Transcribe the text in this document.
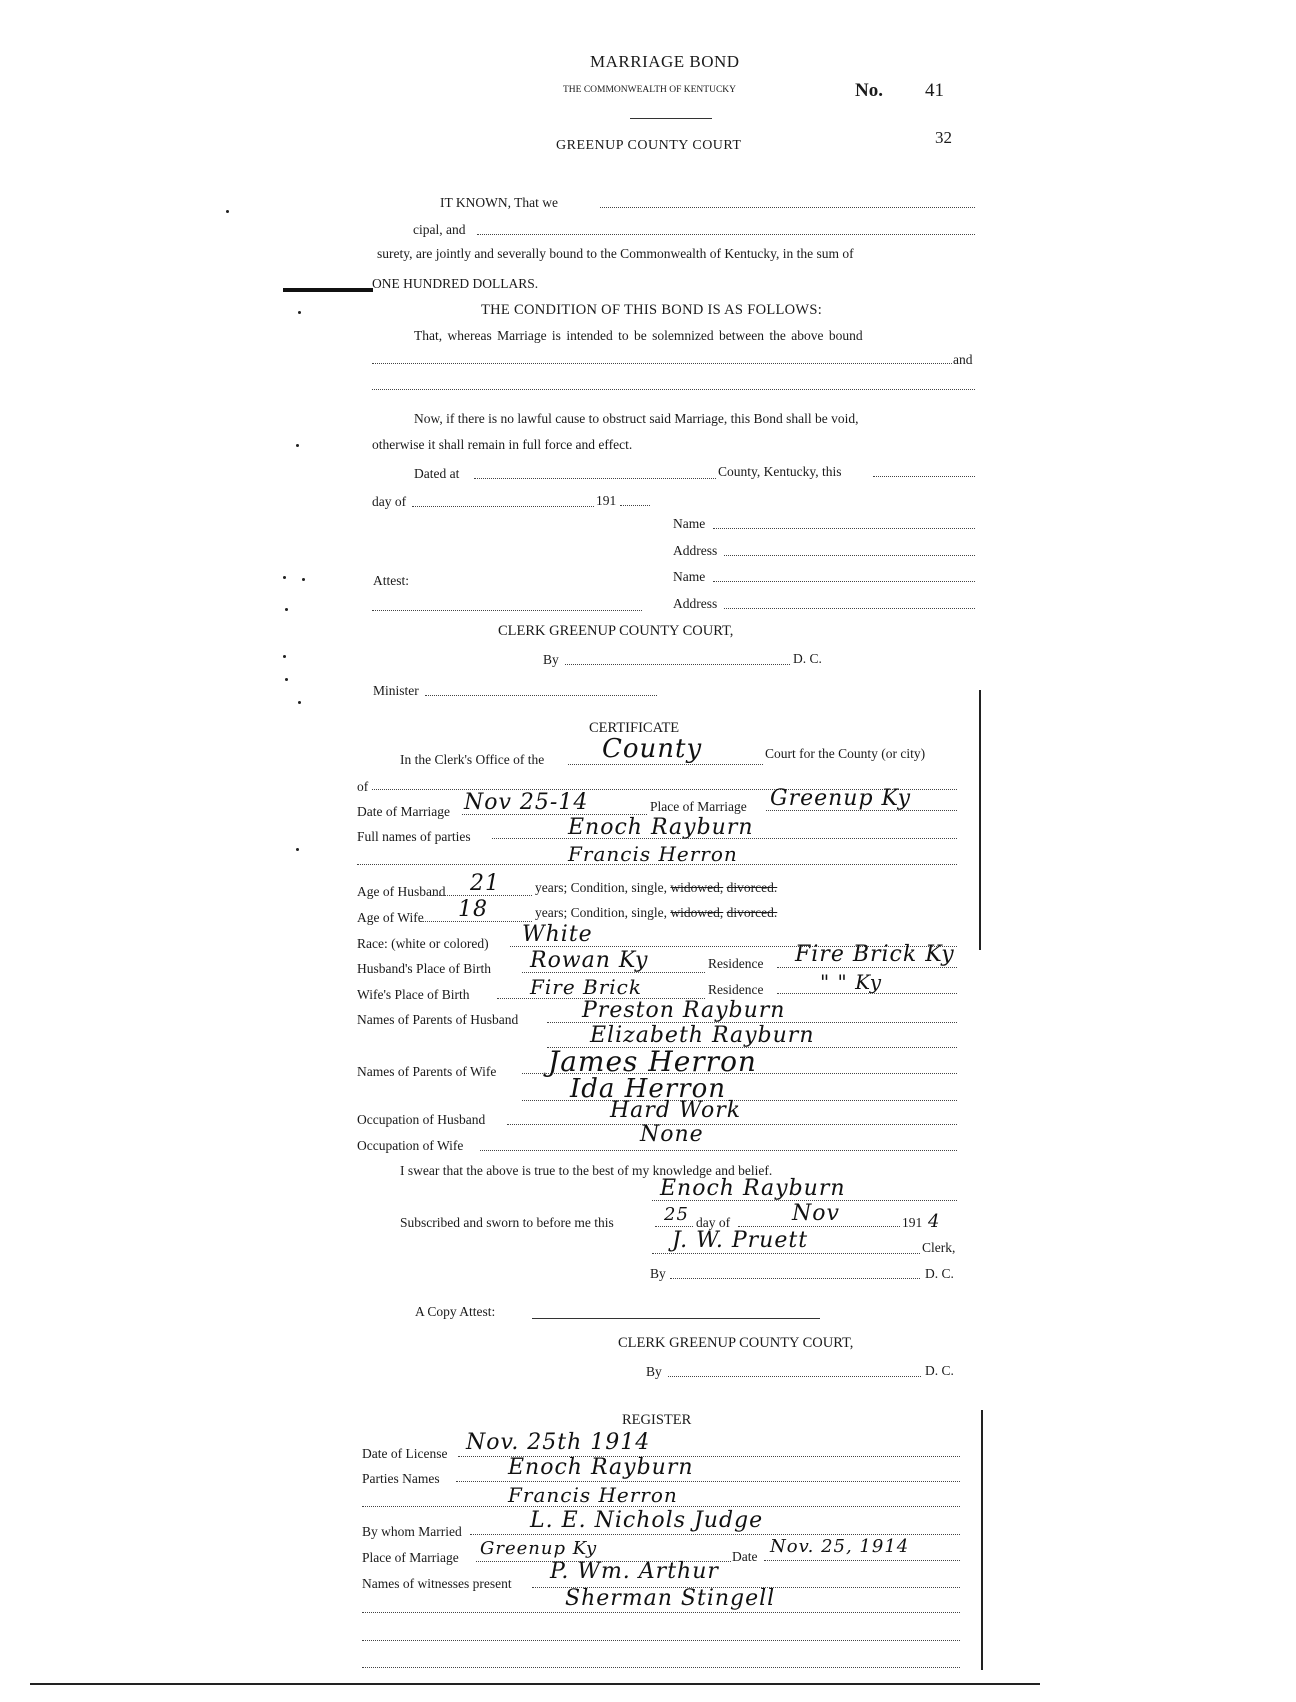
MARRIAGE BOND
THE COMMONWEALTH OF KENTUCKY	No. 41
32
GREENUP COUNTY COURT
IT KNOWN, That we
cipal, and
surety, are jointly and severally bound to the Commonwealth of Kentucky, in the sum of
ONE HUNDRED DOLLARS.
THE CONDITION OF THIS BOND IS AS FOLLOWS:
That, whereas Marriage is intended to be solemnized between the above bound
and
Now, if there is no lawful cause to obstruct said Marriage, this Bond shall be void,
otherwise it shall remain in full force and effect.
Dated at	County, Kentucky, this
day of	191
Name
Address
Attest:	Name
Address
CLERK GREENUP COUNTY COURT,
By	D. C.
Minister
CERTIFICATE
In the Clerk's Office of the County	Court for the County (or city)
of
Date of Marriage Nov 25-14	Place of Marriage Greenup Ky
Full names of parties	Enoch Rayburn
Francis Herron
Age of Husband 21	years; Condition, single, widowed, divorced.
Age of Wife 18	years; Condition, single, widowed, divorced.
Race: (white or colored) White
Husband's Place of Birth Rowan Ky	Residence Fire Brick Ky
Wife's Place of Birth	Fire Brick	Residence	" " Ky
Names of Parents of Husband	Preston Rayburn
Elizabeth Rayburn
Names of Parents of Wife James Herron
Ida Herron
Occupation of Husband	Hard Work
Occupation of Wife	None
I swear that the above is true to the best of my knowledge and belief.
Enoch Rayburn
Subscribed and sworn to before me this	25 day of	Nov	191 4
J. W. Pruett	Clerk,
By	D. C.
A Copy Attest:
CLERK GREENUP COUNTY COURT,
By	D. C.
REGISTER
Date of License Nov. 25th 1914
Parties Names	Enoch Rayburn
Francis Herron
By whom Married	L. E. Nichols Judge
Place of Marriage Greenup Ky	Date Nov. 25, 1914
Names of witnesses present P. Wm. Arthur
Sherman Stingell
